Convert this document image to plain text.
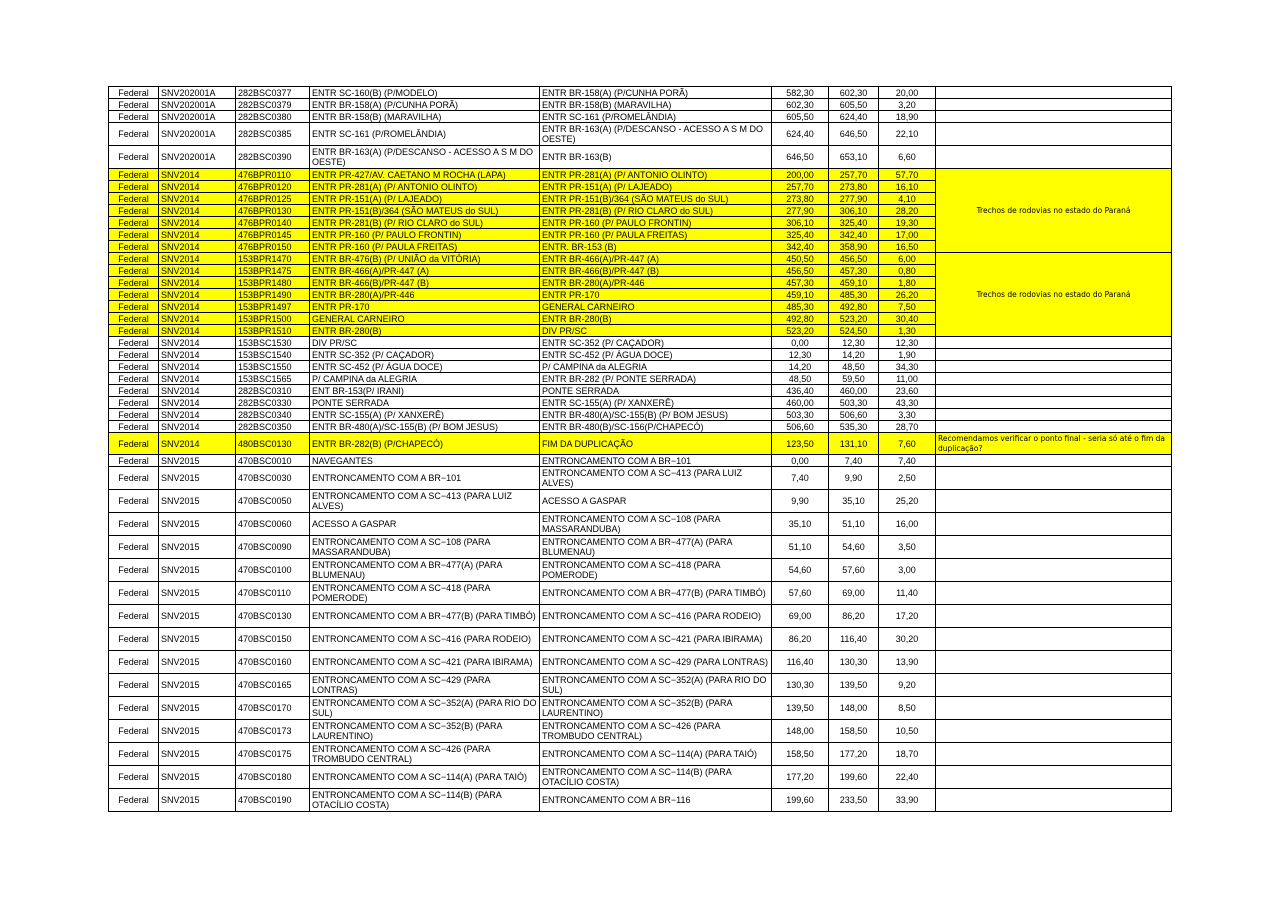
Federal	SNV202001A	282BSC0377	ENTR SC-160(B) (P/MODELO)	ENTR BR-158(A) (P/CUNHA PORÃ)	582,30	602,30	20,00	
Federal	SNV202001A	282BSC0379	ENTR BR-158(A) (P/CUNHA PORÃ)	ENTR BR-158(B) (MARAVILHA)	602,30	605,50	3,20	
Federal	SNV202001A	282BSC0380	ENTR BR-158(B) (MARAVILHA)	ENTR SC-161 (P/ROMELÂNDIA)	605,50	624,40	18,90	
Federal	SNV202001A	282BSC0385	ENTR SC-161 (P/ROMELÂNDIA)	ENTR BR-163(A) (P/DESCANSO - ACESSO A S M DO OESTE)	624,40	646,50	22,10	
Federal	SNV202001A	282BSC0390	ENTR BR-163(A) (P/DESCANSO - ACESSO A S M DO OESTE)	ENTR BR-163(B)	646,50	653,10	6,60	
Federal	SNV2014	476BPR0110	ENTR PR-427/AV. CAETANO M ROCHA (LAPA)	ENTR PR-281(A) (P/ ANTONIO OLINTO)	200,00	257,70	57,70	Trechos de rodovias no estado do Paraná
Federal	SNV2014	476BPR0120	ENTR PR-281(A) (P/ ANTONIO OLINTO)	ENTR PR-151(A) (P/ LAJEADO)	257,70	273,80	16,10	
Federal	SNV2014	476BPR0125	ENTR PR-151(A) (P/ LAJEADO)	ENTR PR-151(B)/364 (SÃO MATEUS do SUL)	273,80	277,90	4,10	
Federal	SNV2014	476BPR0130	ENTR PR-151(B)/364 (SÃO MATEUS do SUL)	ENTR PR-281(B) (P/ RIO CLARO do SUL)	277,90	306,10	28,20	
Federal	SNV2014	476BPR0140	ENTR PR-281(B) (P/ RIO CLARO do SUL)	ENTR PR-160 (P/ PAULO FRONTIN)	306,10	325,40	19,30	
Federal	SNV2014	476BPR0145	ENTR PR-160 (P/ PAULO FRONTIN)	ENTR PR-160 (P/ PAULA FREITAS)	325,40	342,40	17,00	
Federal	SNV2014	476BPR0150	ENTR PR-160 (P/ PAULA FREITAS)	ENTR. BR-153 (B)	342,40	358,90	16,50	
Federal	SNV2014	153BPR1470	ENTR BR-476(B) (P/ UNIÃO da VITÓRIA)	ENTR BR-466(A)/PR-447 (A)	450,50	456,50	6,00	Trechos de rodovias no estado do Paraná
Federal	SNV2014	153BPR1475	ENTR BR-466(A)/PR-447 (A)	ENTR BR-466(B)/PR-447 (B)	456,50	457,30	0,80	
Federal	SNV2014	153BPR1480	ENTR BR-466(B)/PR-447 (B)	ENTR BR-280(A)/PR-446	457,30	459,10	1,80	
Federal	SNV2014	153BPR1490	ENTR BR-280(A)/PR-446	ENTR PR-170	459,10	485,30	26,20	
Federal	SNV2014	153BPR1497	ENTR PR-170	GENERAL CARNEIRO	485,30	492,80	7,50	
Federal	SNV2014	153BPR1500	GENERAL CARNEIRO	ENTR BR-280(B)	492,80	523,20	30,40	
Federal	SNV2014	153BPR1510	ENTR BR-280(B)	DIV PR/SC	523,20	524,50	1,30	
Federal	SNV2014	153BSC1530	DIV PR/SC	ENTR SC-352 (P/ CAÇADOR)	0,00	12,30	12,30	
Federal	SNV2014	153BSC1540	ENTR SC-352 (P/ CAÇADOR)	ENTR SC-452 (P/ ÁGUA DOCE)	12,30	14,20	1,90	
Federal	SNV2014	153BSC1550	ENTR SC-452 (P/ ÁGUA DOCE)	P/ CAMPINA da ALEGRIA	14,20	48,50	34,30	
Federal	SNV2014	153BSC1565	P/ CAMPINA da ALEGRIA	ENTR BR-282 (P/ PONTE SERRADA)	48,50	59,50	11,00	
Federal	SNV2014	282BSC0310	ENT BR-153(P/ IRANI)	PONTE SERRADA	436,40	460,00	23,60	
Federal	SNV2014	282BSC0330	PONTE SERRADA	ENTR SC-155(A) (P/ XANXERÊ)	460,00	503,30	43,30	
Federal	SNV2014	282BSC0340	ENTR SC-155(A) (P/ XANXERÊ)	ENTR BR-480(A)/SC-155(B) (P/ BOM JESUS)	503,30	506,60	3,30	
Federal	SNV2014	282BSC0350	ENTR BR-480(A)/SC-155(B) (P/ BOM JESUS)	ENTR BR-480(B)/SC-156(P/CHAPECÓ)	506,60	535,30	28,70	
Federal	SNV2014	480BSC0130	ENTR BR-282(B) (P/CHAPECÓ)	FIM DA DUPLICAÇÃO	123,50	131,10	7,60	Recomendamos verificar o ponto final - seria só até o fim da duplicação?
Federal	SNV2015	470BSC0010	NAVEGANTES	ENTRONCAMENTO COM A BR−101	0,00	7,40	7,40	
Federal	SNV2015	470BSC0030	ENTRONCAMENTO COM A BR−101	ENTRONCAMENTO COM A SC−413 (PARA LUIZ ALVES)	7,40	9,90	2,50	
Federal	SNV2015	470BSC0050	ENTRONCAMENTO COM A SC−413 (PARA LUIZ ALVES)	ACESSO A GASPAR	9,90	35,10	25,20	
Federal	SNV2015	470BSC0060	ACESSO A GASPAR	ENTRONCAMENTO COM A SC−108 (PARA MASSARANDUBA)	35,10	51,10	16,00	
Federal	SNV2015	470BSC0090	ENTRONCAMENTO COM A SC−108 (PARA MASSARANDUBA)	ENTRONCAMENTO COM A BR−477(A) (PARA BLUMENAU)	51,10	54,60	3,50	
Federal	SNV2015	470BSC0100	ENTRONCAMENTO COM A BR−477(A) (PARA BLUMENAU)	ENTRONCAMENTO COM A SC−418 (PARA POMERODE)	54,60	57,60	3,00	
Federal	SNV2015	470BSC0110	ENTRONCAMENTO COM A SC−418 (PARA POMERODE)	ENTRONCAMENTO COM A BR−477(B) (PARA TIMBÓ)	57,60	69,00	11,40	
Federal	SNV2015	470BSC0130	ENTRONCAMENTO COM A BR−477(B) (PARA TIMBÓ)	ENTRONCAMENTO COM A SC−416 (PARA RODEIO)	69,00	86,20	17,20	
Federal	SNV2015	470BSC0150	ENTRONCAMENTO COM A SC−416 (PARA RODEIO)	ENTRONCAMENTO COM A SC−421 (PARA IBIRAMA)	86,20	116,40	30,20	
Federal	SNV2015	470BSC0160	ENTRONCAMENTO COM A SC−421 (PARA IBIRAMA)	ENTRONCAMENTO COM A SC−429 (PARA LONTRAS)	116,40	130,30	13,90	
Federal	SNV2015	470BSC0165	ENTRONCAMENTO COM A SC−429 (PARA LONTRAS)	ENTRONCAMENTO COM A SC−352(A) (PARA RIO DO SUL)	130,30	139,50	9,20	
Federal	SNV2015	470BSC0170	ENTRONCAMENTO COM A SC−352(A) (PARA RIO DO SUL)	ENTRONCAMENTO COM A SC−352(B) (PARA LAURENTINO)	139,50	148,00	8,50	
Federal	SNV2015	470BSC0173	ENTRONCAMENTO COM A SC−352(B) (PARA LAURENTINO)	ENTRONCAMENTO COM A SC−426 (PARA TROMBUDO CENTRAL)	148,00	158,50	10,50	
Federal	SNV2015	470BSC0175	ENTRONCAMENTO COM A SC−426 (PARA TROMBUDO CENTRAL)	ENTRONCAMENTO COM A SC−114(A) (PARA TAIÓ)	158,50	177,20	18,70	
Federal	SNV2015	470BSC0180	ENTRONCAMENTO COM A SC−114(A) (PARA TAIÓ)	ENTRONCAMENTO COM A SC−114(B) (PARA OTACÍLIO COSTA)	177,20	199,60	22,40	
Federal	SNV2015	470BSC0190	ENTRONCAMENTO COM A SC−114(B) (PARA OTACÍLIO COSTA)	ENTRONCAMENTO COM A BR−116	199,60	233,50	33,90	
